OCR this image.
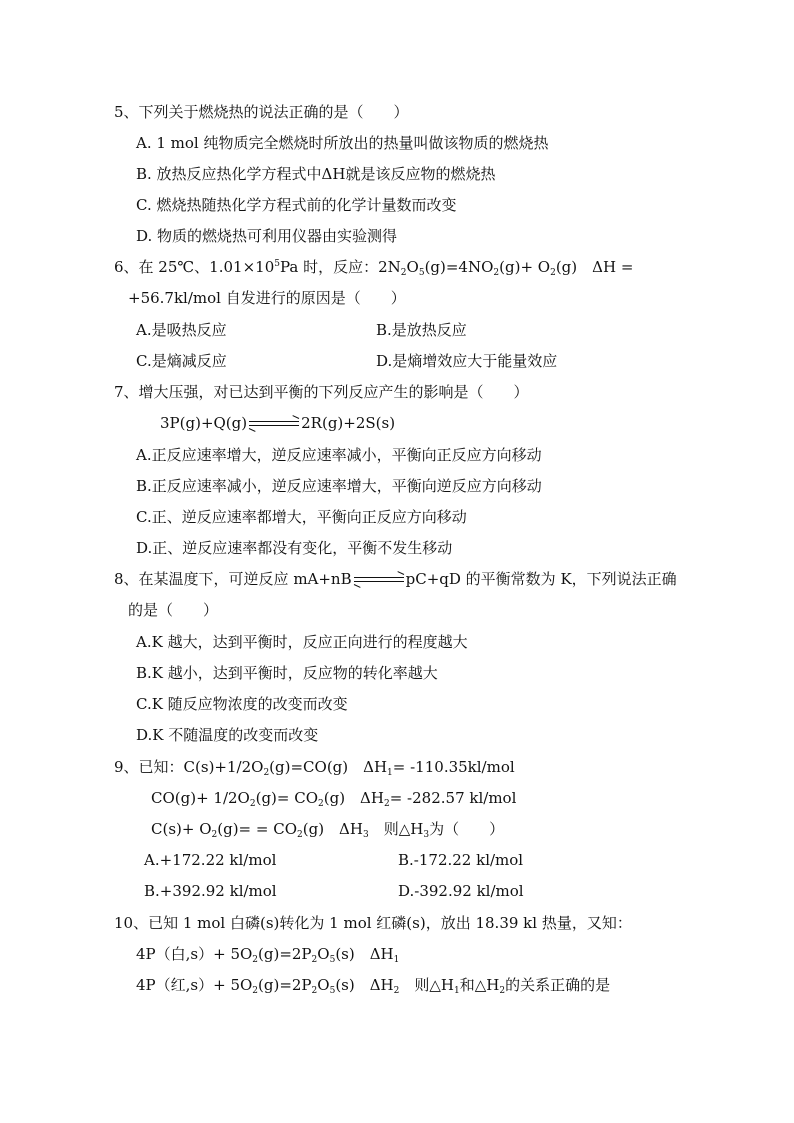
5、下列关于燃烧热的说法正确的是（　　）
A. 1 mol 纯物质完全燃烧时所放出的热量叫做该物质的燃烧热
B. 放热反应热化学方程式中ΔH就是该反应物的燃烧热
C. 燃烧热随热化学方程式前的化学计量数而改变
D. 物质的燃烧热可利用仪器由实验测得
6、在 25℃、$1.01\times 10^5Pa$ 时，反应：$2N_2O_5(g)=4NO_2(g)+ O_2(g)$　ΔH =
+56.7kl/mol 自发进行的原因是（　　）
A.是吸热反应	B.是放热反应
C.是熵减反应	D.是熵增效应大于能量效应
7、增大压强，对已达到平衡的下列反应产生的影响是（　　）
3P(g)+Q(g) ⇌ 2R(g)+2S(s)
A.正反应速率增大，逆反应速率减小，平衡向正反应方向移动
B.正反应速率减小，逆反应速率增大，平衡向逆反应方向移动
C.正、逆反应速率都增大，平衡向正反应方向移动
D.正、逆反应速率都没有变化，平衡不发生移动
8、在某温度下，可逆反应 mA+nB ⇌ pC+qD 的平衡常数为 K，下列说法正确
的是（　　）
A.K 越大，达到平衡时，反应正向进行的程度越大
B.K 越小，达到平衡时，反应物的转化率越大
C.K 随反应物浓度的改变而改变
D.K 不随温度的改变而改变
9、已知：$C(s)+1/2O_2(g)=CO(g)$　$\Delta H_1= -110.35kl/mol$
$CO(g)+ 1/2O_2(g)= CO_2(g)$　$\Delta H_2= -282.57$ kl/mol
$C(s)+ O_2(g)= = CO_2(g)$　$\Delta H_3$　则$\triangle H_3$为（　　）
A.+172.22 kl/mol	B.-172.22 kl/mol
B.+392.92 kl/mol	D.-392.92 kl/mol
10、已知 1 mol 白磷(s)转化为 1 mol 红磷(s)，放出 18.39 kl 热量，又知：
4P（白$,s)+ 5O_2(g)=2P_2O_5(s)$　$\Delta H_1$
4P（红$,s)+ 5O_2(g)=2P_2O_5(s)$　$\Delta H_2$　则$\triangle H_1$和$\triangle H_2$的关系正确的是
